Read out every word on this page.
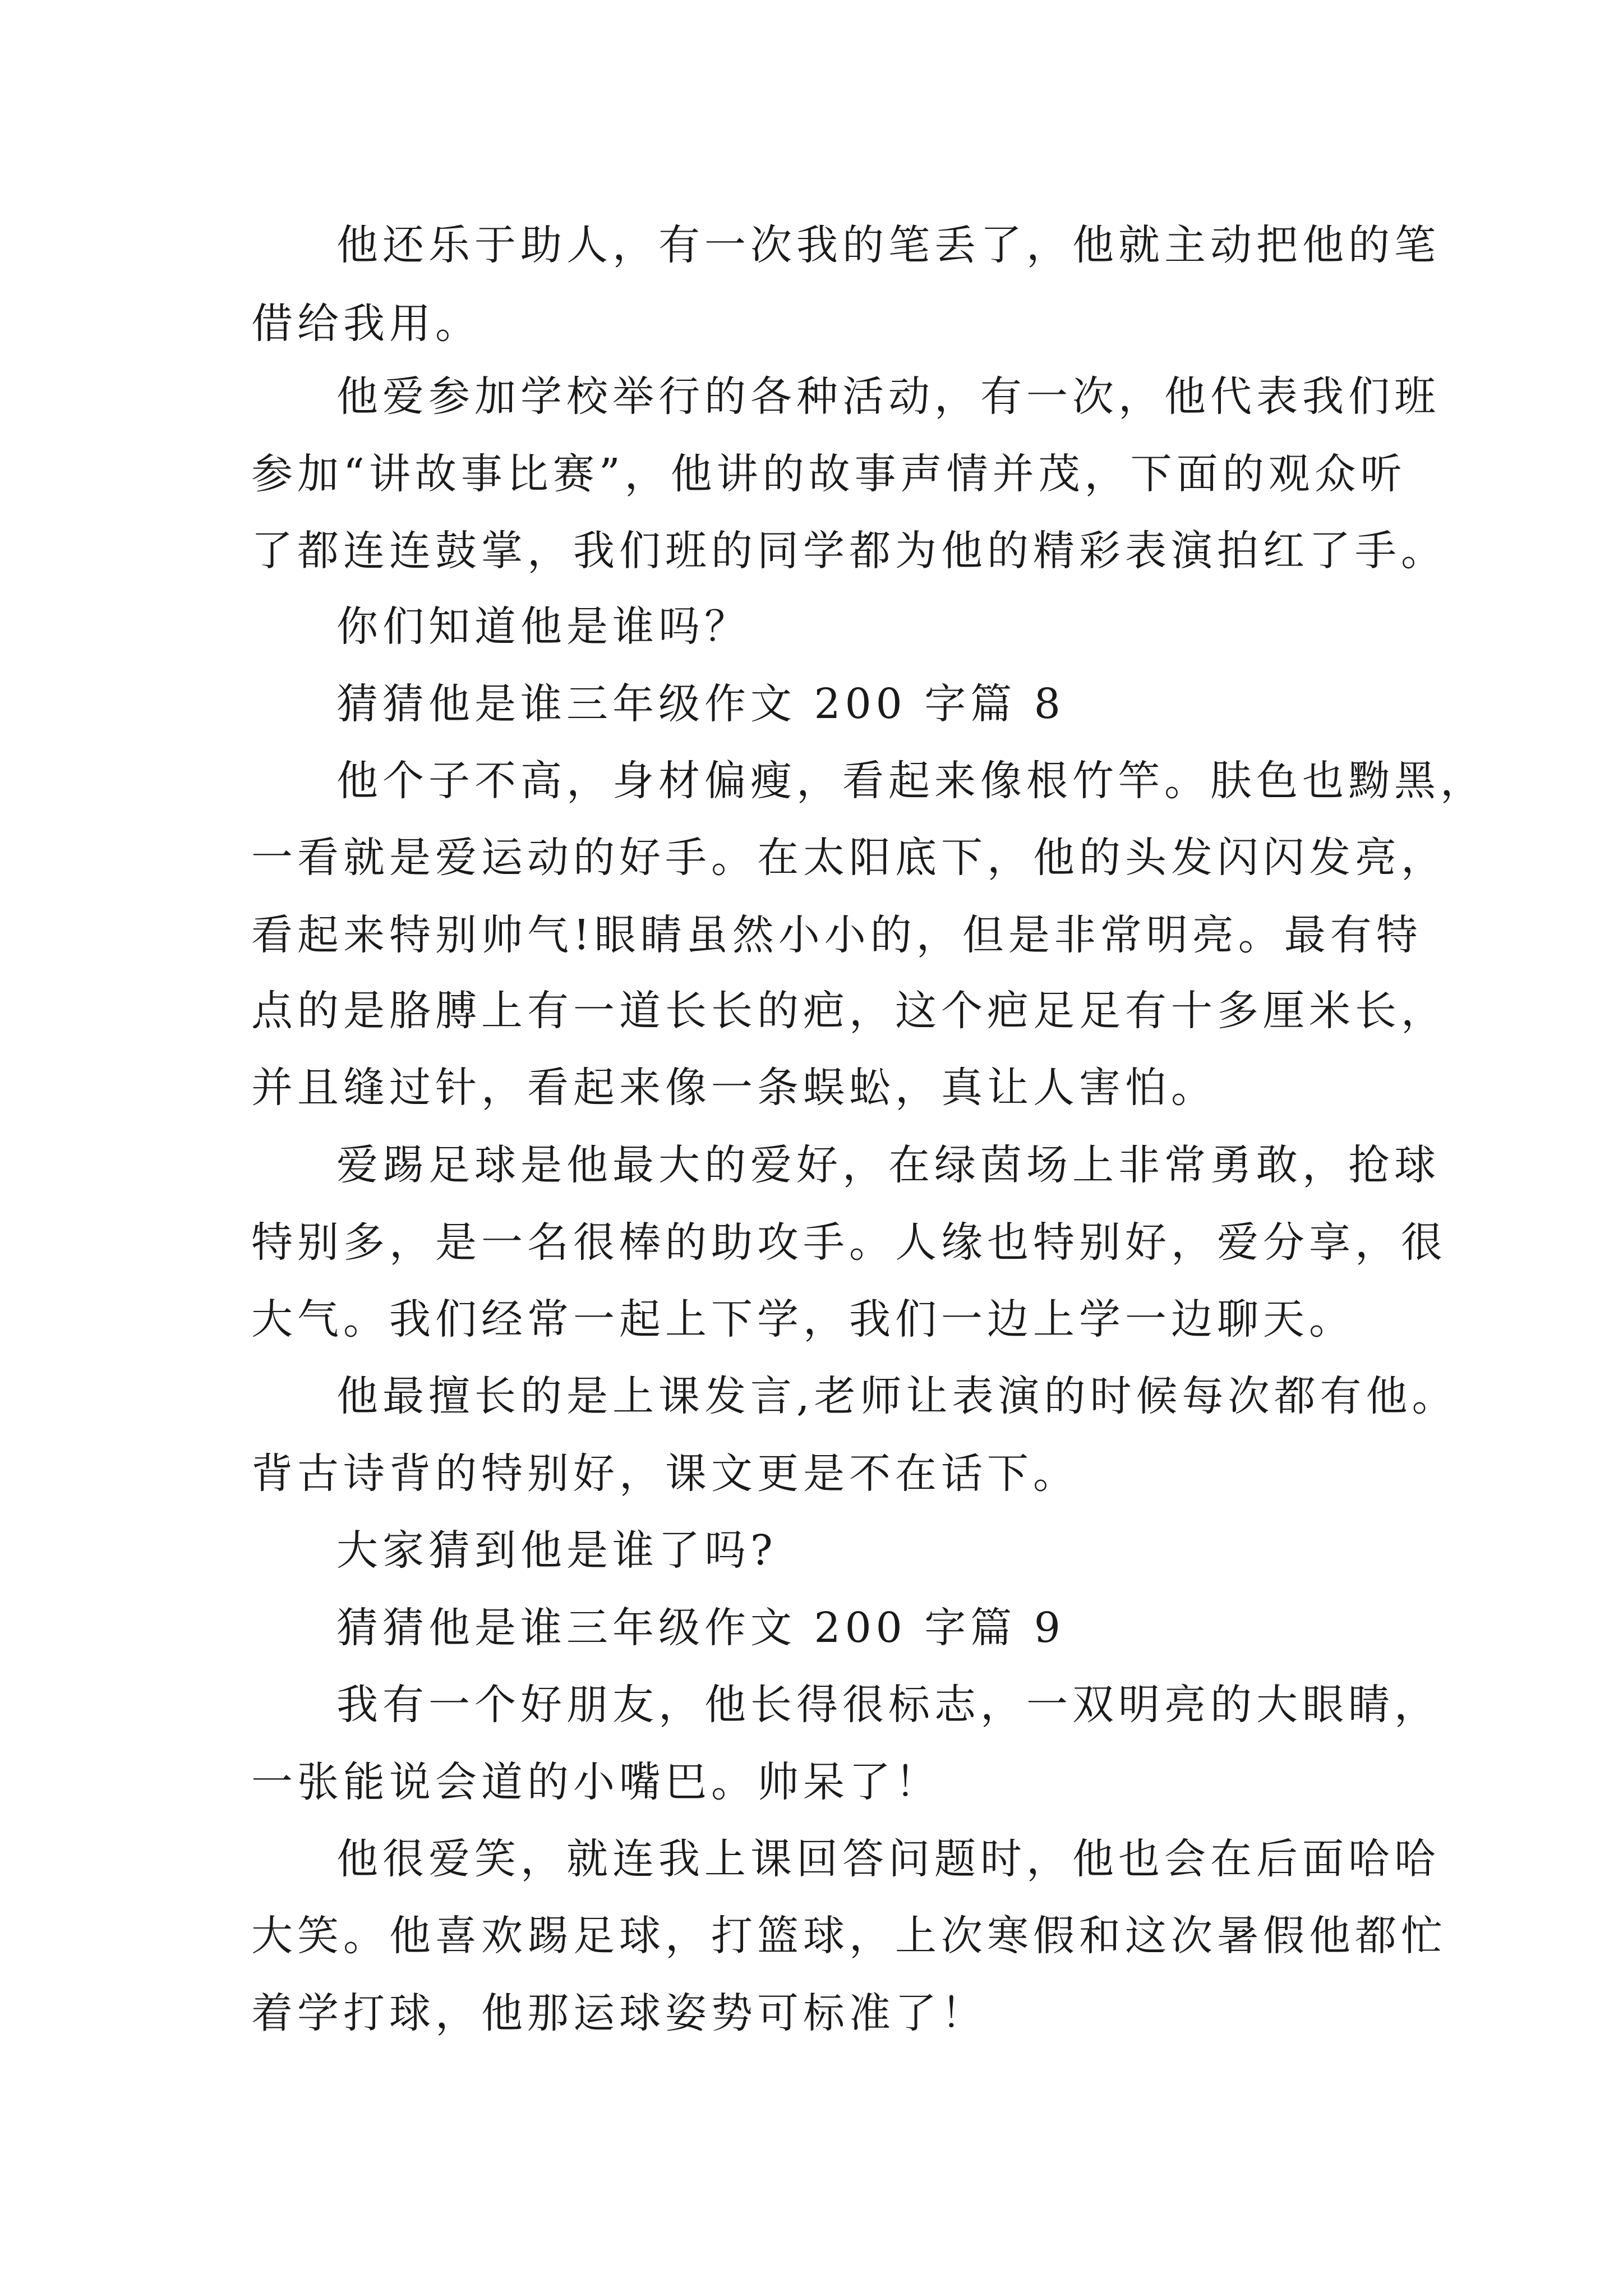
他还乐于助人，有一次我的笔丢了，他就主动把他的笔
借给我用。
他爱参加学校举行的各种活动，有一次，他代表我们班
参加“讲故事比赛”，他讲的故事声情并茂，下面的观众听
了都连连鼓掌，我们班的同学都为他的精彩表演拍红了手。
你们知道他是谁吗？
猜猜他是谁三年级作文 200 字篇 8
他个子不高，身材偏瘦，看起来像根竹竿。肤色也黝黑，
一看就是爱运动的好手。在太阳底下，他的头发闪闪发亮，
看起来特别帅气!眼睛虽然小小的，但是非常明亮。最有特
点的是胳膊上有一道长长的疤，这个疤足足有十多厘米长，
并且缝过针，看起来像一条蜈蚣，真让人害怕。
爱踢足球是他最大的爱好，在绿茵场上非常勇敢，抢球
特别多，是一名很棒的助攻手。人缘也特别好，爱分享，很
大气。我们经常一起上下学，我们一边上学一边聊天。
他最擅长的是上课发言,老师让表演的时候每次都有他。
背古诗背的特别好，课文更是不在话下。
大家猜到他是谁了吗?
猜猜他是谁三年级作文 200 字篇 9
我有一个好朋友，他长得很标志，一双明亮的大眼睛，
一张能说会道的小嘴巴。帅呆了！
他很爱笑，就连我上课回答问题时，他也会在后面哈哈
大笑。他喜欢踢足球，打篮球，上次寒假和这次暑假他都忙
着学打球，他那运球姿势可标准了！
